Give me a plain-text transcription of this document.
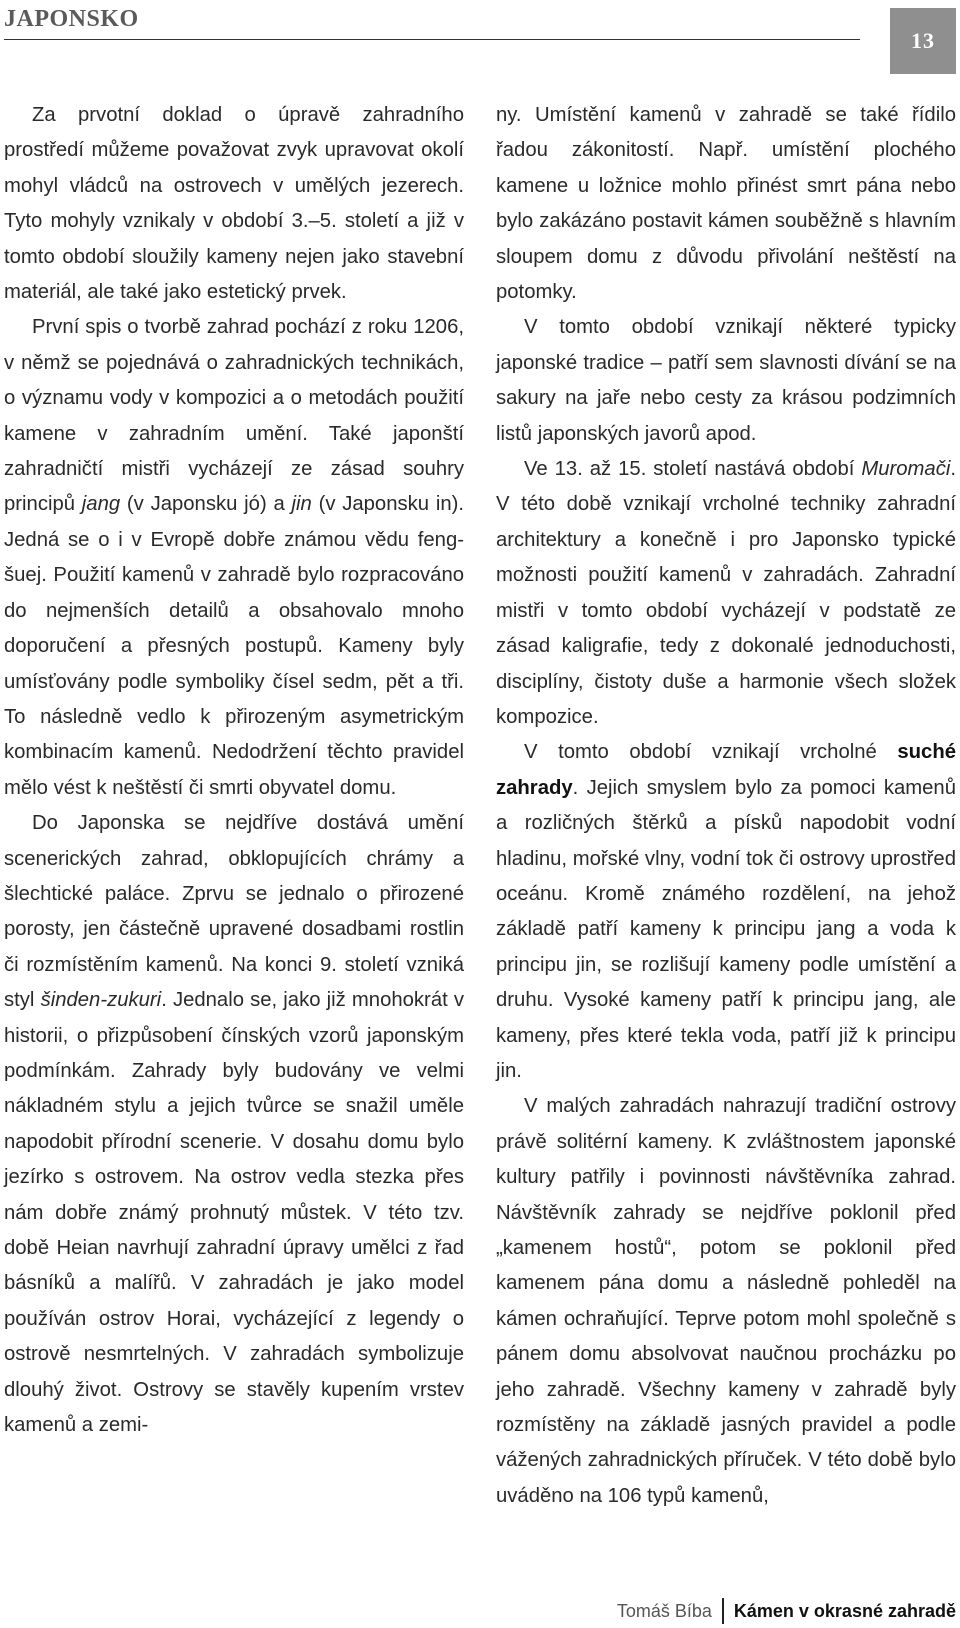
JAPONSKO
13

Za prvotní doklad o úpravě zahradního prostředí můžeme považovat zvyk upravovat okolí mohyl vládců na ostrovech v umělých jezerech. Tyto mohyly vznikaly v období 3.–5. století a již v tomto období sloužily kameny nejen jako stavební materiál, ale také jako estetický prvek.

První spis o tvorbě zahrad pochází z roku 1206, v němž se pojednává o zahradnických technikách, o významu vody v kompozici a o metodách použití kamene v zahradním umění. Také japonští zahradničtí mistři vycházejí ze zásad souhry principů jang (v Japonsku jó) a jin (v Japonsku in). Jedná se o i v Evropě dobře známou vědu feng-šuej. Použití kamenů v zahradě bylo rozpracováno do nejmenších detailů a obsahovalo mnoho doporučení a přesných postupů. Kameny byly umísťovány podle symboliky čísel sedm, pět a tři. To následně vedlo k přirozeným asymetrickým kombinacím kamenů. Nedodržení těchto pravidel mělo vést k neštěstí či smrti obyvatel domu.

Do Japonska se nejdříve dostává umění scenerických zahrad, obklopujících chrámy a šlechtické paláce. Zprvu se jednalo o přirozené porosty, jen částečně upravené dosadbami rostlin či rozmístěním kamenů. Na konci 9. století vzniká styl šinden-zukuri. Jednalo se, jako již mnohokrát v historii, o přizpůsobení čínských vzorů japonským podmínkám. Zahrady byly budovány ve velmi nákladném stylu a jejich tvůrce se snažil uměle napodobit přírodní scenerie. V dosahu domu bylo jezírko s ostrovem. Na ostrov vedla stezka přes nám dobře známý prohnutý můstek. V této tzv. době Heian navrhují zahradní úpravy umělci z řad básníků a malířů. V zahradách je jako model používán ostrov Horai, vycházející z legendy o ostrově nesmrtelných. V zahradách symbolizuje dlouhý život. Ostrovy se stavěly kupením vrstev kamenů a zemi-

ny. Umístění kamenů v zahradě se také řídilo řadou zákonitostí. Např. umístění plochého kamene u ložnice mohlo přinést smrt pána nebo bylo zakázáno postavit kámen souběžně s hlavním sloupem domu z důvodu přivolání neštěstí na potomky.

V tomto období vznikají některé typicky japonské tradice – patří sem slavnosti dívání se na sakury na jaře nebo cesty za krásou podzimních listů japonských javorů apod.

Ve 13. až 15. století nastává období Muromači. V této době vznikají vrcholné techniky zahradní architektury a konečně i pro Japonsko typické možnosti použití kamenů v zahradách. Zahradní mistři v tomto období vycházejí v podstatě ze zásad kaligrafie, tedy z dokonalé jednoduchosti, disciplíny, čistoty duše a harmonie všech složek kompozice.

V tomto období vznikají vrcholné suché zahrady. Jejich smyslem bylo za pomoci kamenů a rozličných štěrků a písků napodobit vodní hladinu, mořské vlny, vodní tok či ostrovy uprostřed oceánu. Kromě známého rozdělení, na jehož základě patří kameny k principu jang a voda k principu jin, se rozlišují kameny podle umístění a druhu. Vysoké kameny patří k principu jang, ale kameny, přes které tekla voda, patří již k principu jin.

V malých zahradách nahrazují tradiční ostrovy právě solitérní kameny. K zvláštnostem japonské kultury patřily i povinnosti návštěvníka zahrad. Návštěvník zahrady se nejdříve poklonil před „kamenem hostů“, potom se poklonil před kamenem pána domu a následně pohleděl na kámen ochraňující. Teprve potom mohl společně s pánem domu absolvovat naučnou procházku po jeho zahradě. Všechny kameny v zahradě byly rozmístěny na základě jasných pravidel a podle vážených zahradnických příruček. V této době bylo uváděno na 106 typů kamenů,

Tomáš Bíba Kámen v okrasné zahradě
